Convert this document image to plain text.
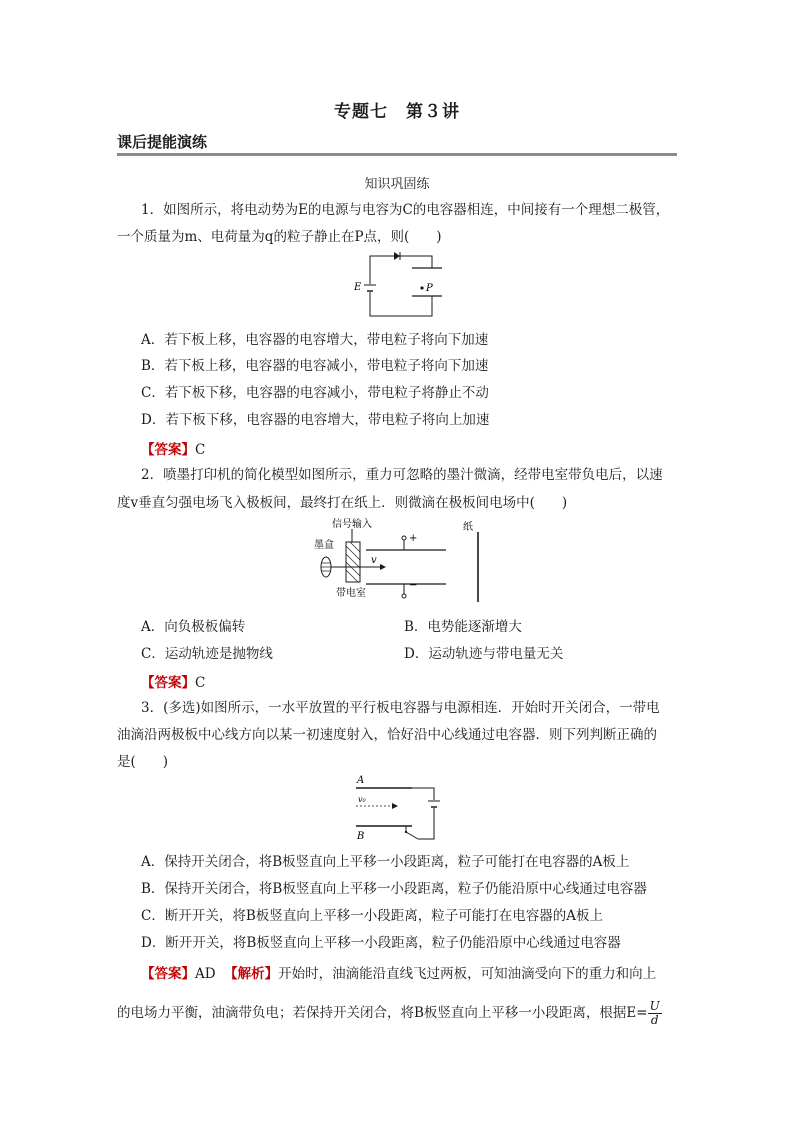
专题七　第３讲
课后提能演练
知识巩固练
1．如图所示，将电动势为E的电源与电容为C的电容器相连，中间接有一个理想二极管，
一个质量为m、电荷量为q的粒子静止在P点，则(　　)
E	P
A．若下板上移，电容器的电容增大，带电粒子将向下加速
B．若下板上移，电容器的电容减小，带电粒子将向下加速
C．若下板下移，电容器的电容减小，带电粒子将静止不动
D．若下板下移，电容器的电容增大，带电粒子将向上加速
【答案】C
2．喷墨打印机的简化模型如图所示，重力可忽略的墨汁微滴，经带电室带负电后，以速
度v垂直匀强电场飞入极板间，最终打在纸上．则微滴在极板间电场中(　　)
信号输入
墨盒
v
+
−
带电室
纸
A．向负极板偏转	B．电势能逐渐增大
C．运动轨迹是抛物线	D．运动轨迹与带电量无关
【答案】C
3．(多选)如图所示，一水平放置的平行板电容器与电源相连．开始时开关闭合，一带电
油滴沿两极板中心线方向以某一初速度射入，恰好沿中心线通过电容器．则下列判断正确的
是(　　)
A
B
v₀
A．保持开关闭合，将B板竖直向上平移一小段距离，粒子可能打在电容器的A板上
B．保持开关闭合，将B板竖直向上平移一小段距离，粒子仍能沿原中心线通过电容器
C．断开开关，将B板竖直向上平移一小段距离，粒子可能打在电容器的A板上
D．断开开关，将B板竖直向上平移一小段距离，粒子仍能沿原中心线通过电容器
【答案】AD 【解析】开始时，油滴能沿直线飞过两板，可知油滴受向下的重力和向上
的电场力平衡，油滴带负电；若保持开关闭合，将B板竖直向上平移一小段距离，根据$E= \frac{U}{d}$
